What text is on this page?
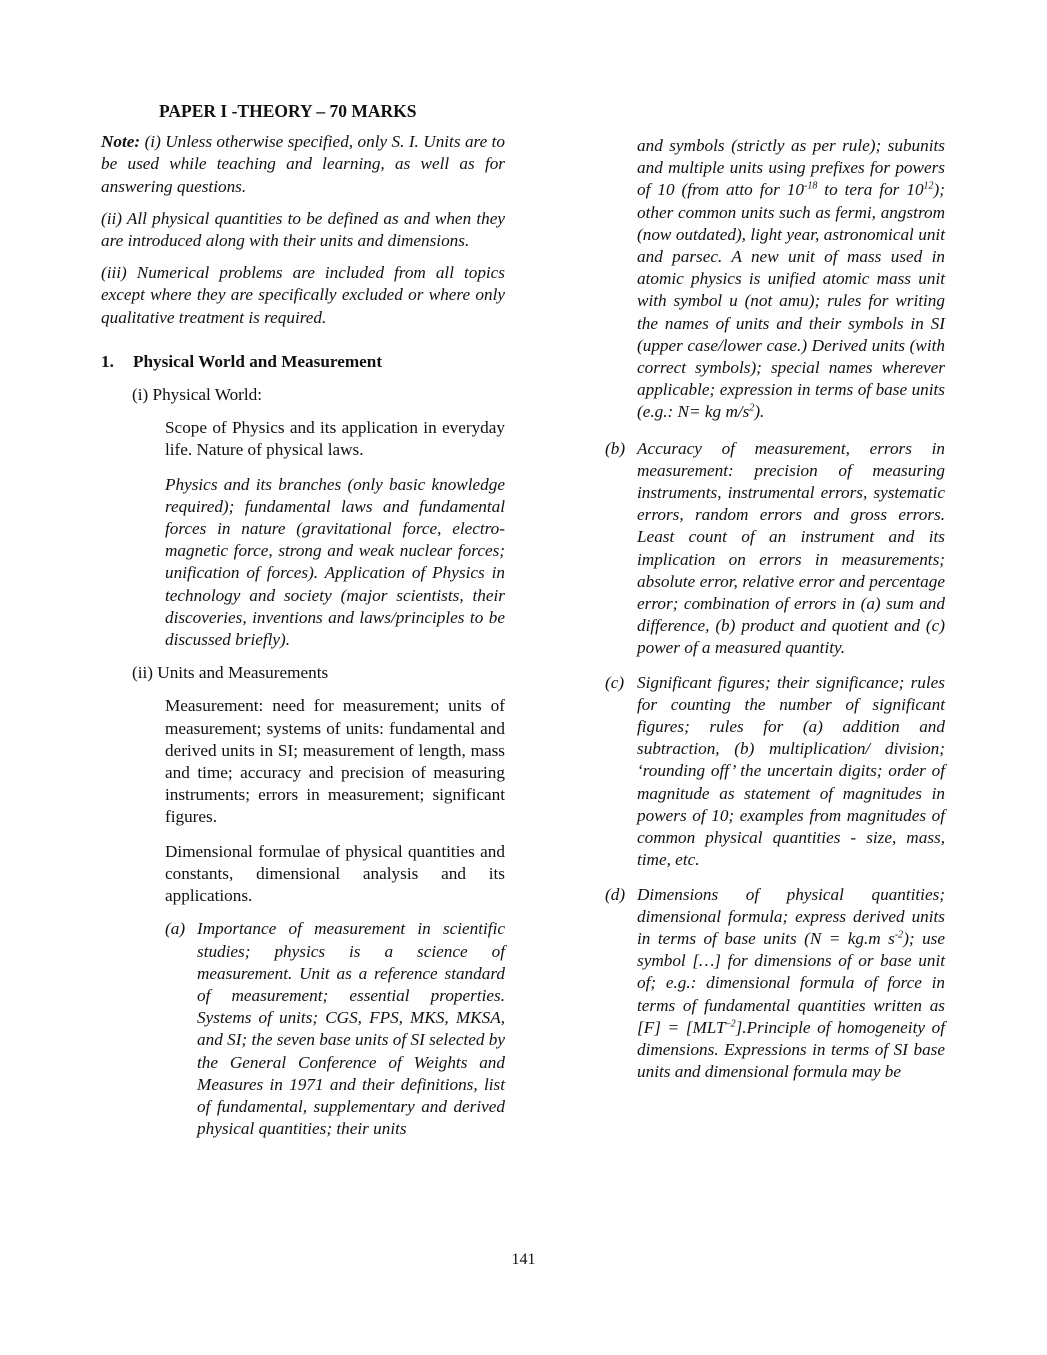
PAPER I -THEORY – 70 MARKS

Note: (i) Unless otherwise specified, only S. I. Units are to be used while teaching and learning, as well as for answering questions.

(ii) All physical quantities to be defined as and when they are introduced along with their units and dimensions.

(iii) Numerical problems are included from all topics except where they are specifically excluded or where only qualitative treatment is required.

1.	Physical World and Measurement

(i) Physical World:

Scope of Physics and its application in everyday life. Nature of physical laws.

Physics and its branches (only basic knowledge required); fundamental laws and fundamental forces in nature (gravitational force, electro-magnetic force, strong and weak nuclear forces; unification of forces). Application of Physics in technology and society (major scientists, their discoveries, inventions and laws/principles to be discussed briefly).

(ii) Units and Measurements

Measurement: need for measurement; units of measurement; systems of units: fundamental and derived units in SI; measurement of length, mass and time; accuracy and precision of measuring instruments; errors in measurement; significant figures.

Dimensional formulae of physical quantities and constants, dimensional analysis and its applications.

(a) Importance of measurement in scientific studies; physics is a science of measurement. Unit as a reference standard of measurement; essential properties. Systems of units; CGS, FPS, MKS, MKSA, and SI; the seven base units of SI selected by the General Conference of Weights and Measures in 1971 and their definitions, list of fundamental, supplementary and derived physical quantities; their units

and symbols (strictly as per rule); subunits and multiple units using prefixes for powers of 10 (from atto for $10^{-18}$ to tera for $10^{12}$); other common units such as fermi, angstrom (now outdated), light year, astronomical unit and parsec. A new unit of mass used in atomic physics is unified atomic mass unit with symbol u (not amu); rules for writing the names of units and their symbols in SI (upper case/lower case.) Derived units (with correct symbols); special names wherever applicable; expression in terms of base units (e.g.: N= kg $m/s^2$).

(b) Accuracy of measurement, errors in measurement: precision of measuring instruments, instrumental errors, systematic errors, random errors and gross errors. Least count of an instrument and its implication on errors in measurements; absolute error, relative error and percentage error; combination of errors in (a) sum and difference, (b) product and quotient and (c) power of a measured quantity.
(c) Significant figures; their significance; rules for counting the number of significant figures; rules for (a) addition and subtraction, (b) multiplication/ division; ‘rounding off’ the uncertain digits; order of magnitude as statement of magnitudes in powers of 10; examples from magnitudes of common physical quantities - size, mass, time, etc.
(d) Dimensions of physical quantities; dimensional formula; express derived units in terms of base units (N = kg.m $s^{-2}$); use symbol […] for dimensions of or base unit of; e.g.: dimensional formula of force in terms of fundamental quantities written as $[F] = [MLT^{-2}].Principle$ of homogeneity of dimensions. Expressions in terms of SI base units and dimensional formula may be
141
